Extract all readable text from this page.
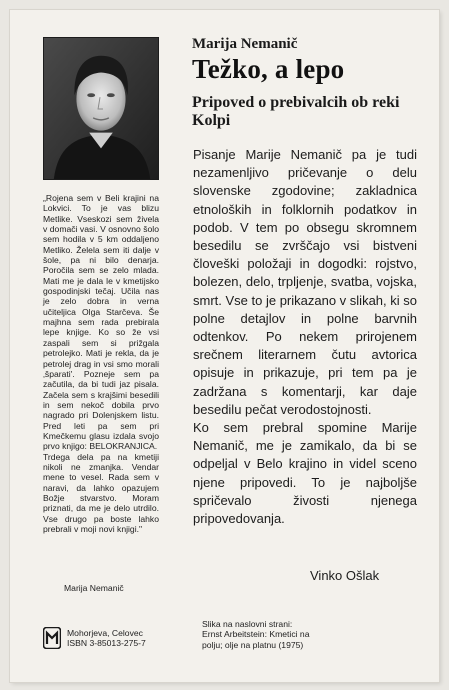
Marija Nemanič
Težko, a lepo
Pripoved o prebivalcih ob reki Kolpi
Pisanje Marije Nemanič pa je tudi nezamenljivo pričevanje o delu slovenske zgodovine; zakladnica etnoloških in folklornih podatkov in podob. V tem po obsegu skromnem besedilu se zvrščajo vsi bistveni človeški položaji in dogodki: rojstvo, bolezen, delo, trpljenje, svatba, vojska, smrt. Vse to je prikazano v slikah, ki so polne detajlov in polne barvnih odtenkov. Po nekem prirojenem srečnem literarnem čutu avtorica opisuje in prikazuje, pri tem pa je zadržana s komentarji, kar daje besedilu pečat verodostojnosti.
Ko sem prebral spomine Marije Nemanič, me je zamikalo, da bi se odpeljal v Belo krajino in videl sceno njene pripovedi. To je najboljše spričevalo živosti njenega pripovedovanja.
Vinko Ošlak
„Rojena sem v Beli krajini na Lokvici. To je vas blizu Metlike. Vseskozi sem živela v domači vasi. V osnovno šolo sem hodila v 5 km oddaljeno Metliko. Želela sem iti dalje v šole, pa ni bilo denarja. Poročila sem se zelo mlada. Mati me je dala le v kmetijsko gospodinjski tečaj. Učila nas je zelo dobra in verna učiteljica Olga Starčeva. Še majhna sem rada prebirala lepe knjige. Ko so že vsi zaspali sem si prižgala petrolejko. Mati je rekla, da je petrolej drag in vsi smo morali ‚šparati'. Pozneje sem pa začutila, da bi tudi jaz pisala. Začela sem s krajšimi besedili in sem nekoč dobila prvo nagrado pri Dolenjskem listu. Pred leti pa sem pri Kmečkemu glasu izdala svojo prvo knjigo: BELOKRANJICA.
Trdega dela pa na kmetiji nikoli ne zmanjka. Vendar mene to vesel. Rada sem v naravi, da lahko opazujem Božje stvarstvo. Moram priznati, da me je delo utrdilo. Vse drugo pa boste lahko prebrali v moji novi knjigi."
Marija Nemanič
Mohorjeva, Celovec
ISBN 3-85013-275-7
Slika na naslovni strani:
Ernst Arbeitstein: Kmetici na
polju; olje na platnu (1975)
